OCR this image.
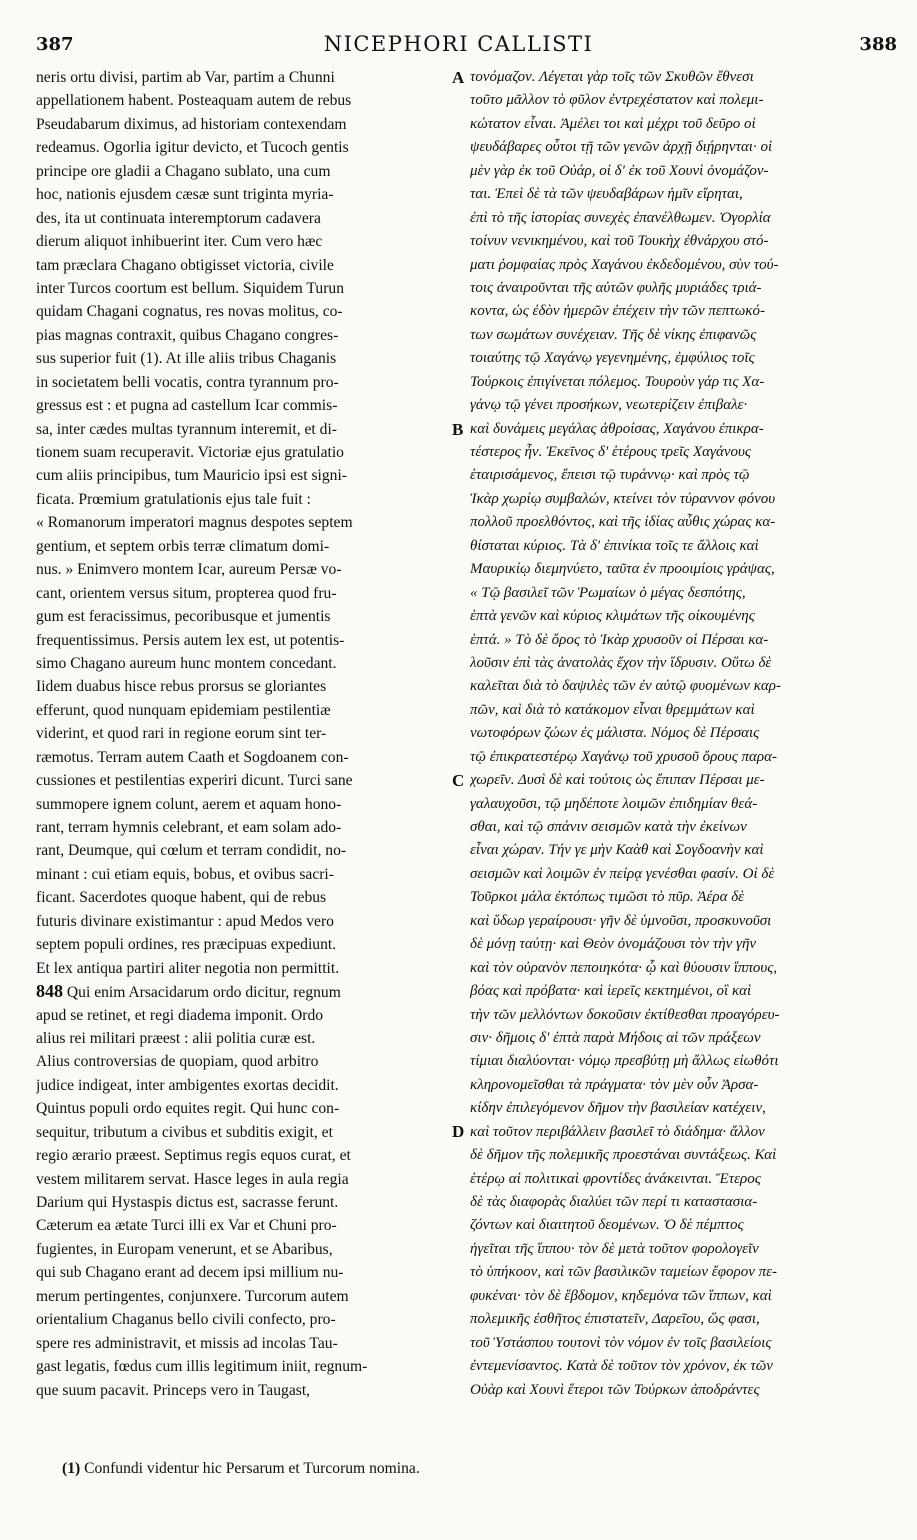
387	NICEPHORI CALLISTI	388
neris ortu divisi, partim ab Var, partim a Chunni
appellationem habent. Posteaquam autem de rebus
Pseudabarum diximus, ad historiam contexendam
redeamus. Ogorlia igitur devicto, et Tucoch gentis
principe ore gladii a Chagano sublato, una cum
hoc, nationis ejusdem cæsæ sunt triginta myria-
des, ita ut continuata interemptorum cadavera
dierum aliquot inhibuerint iter. Cum vero hæc
tam præclara Chagano obtigisset victoria, civile
inter Turcos coortum est bellum. Siquidem Turun
quidam Chagani cognatus, res novas molitus, co-
pias magnas contraxit, quibus Chagano congres-
sus superior fuit (1). At ille aliis tribus Chaganis
in societatem belli vocatis, contra tyrannum pro-
gressus est : et pugna ad castellum Icar commis-
sa, inter cædes multas tyrannum interemit, et di-
tionem suam recuperavit. Victoriæ ejus gratulatio
cum aliis principibus, tum Mauricio ipsi est signi-
ficata. Prœmium gratulationis ejus tale fuit :
« Romanorum imperatori magnus despotes septem
gentium, et septem orbis terræ climatum domi-
nus. » Enimvero montem Icar, aureum Persæ vo-
cant, orientem versus situm, propterea quod fru-
gum est feracissimus, pecoribusque et jumentis
frequentissimus. Persis autem lex est, ut potentis-
simo Chagano aureum hunc montem concedant.
Iidem duabus hisce rebus prorsus se gloriantes
efferunt, quod nunquam epidemiam pestilentiæ
viderint, et quod rari in regione eorum sint ter-
ræmotus. Terram autem Caath et Sogdoanem con-
cussiones et pestilentias experiri dicunt. Turci sane
summopere ignem colunt, aerem et aquam hono-
rant, terram hymnis celebrant, et eam solam ado-
rant, Deumque, qui cœlum et terram condidit, no-
minant : cui etiam equis, bobus, et ovibus sacri-
ficant. Sacerdotes quoque habent, qui de rebus
futuris divinare existimantur : apud Medos vero
septem populi ordines, res præcipuas expediunt.
Et lex antiqua partiri aliter negotia non permittit.
848 Qui enim Arsacidarum ordo dicitur, regnum
apud se retinet, et regi diadema imponit. Ordo
alius rei militari præest : alii politia curæ est.
Alius controversias de quopiam, quod arbitro
judice indigeat, inter ambigentes exortas decidit.
Quintus populi ordo equites regit. Qui hunc con-
sequitur, tributum a civibus et subditis exigit, et
regio ærario præest. Septimus regis equos curat, et
vestem militarem servat. Hasce leges in aula regia
Darium qui Hystaspis dictus est, sacrasse ferunt.
Cæterum ea ætate Turci illi ex Var et Chuni pro-
fugientes, in Europam venerunt, et se Abaribus,
qui sub Chagano erant ad decem ipsi millium nu-
merum pertingentes, conjunxere. Turcorum autem
orientalium Chaganus bello civili confecto, pro-
spere res administravit, et missis ad incolas Tau-
gast legatis, fœdus cum illis legitimum iniit, regnum-
que suum pacavit. Princeps vero in Taugast,
τονόμαζον. Λέγεται γὰρ τοῖς τῶν Σκυθῶν ἔθνεσι
τοῦτο μᾶλλον τὸ φῦλον ἐντρεχέστατον καὶ πολεμι-
κώτατον εἶναι. Ἀμέλει τοι καὶ μέχρι τοῦ δεῦρο οἱ
ψευδάβαρες οὗτοι τῇ τῶν γενῶν ἀρχῇ διῄρηνται· οἱ
μὲν γὰρ ἐκ τοῦ Οὐάρ, οἱ δ' ἐκ τοῦ Χουνὶ ὀνομάζον-
ται. Ἐπεὶ δὲ τὰ τῶν ψευδαβάρων ἡμῖν εἴρηται,
ἐπὶ τὸ τῆς ἱστορίας συνεχὲς ἐπανέλθωμεν. Ὀγορλία
τοίνυν νενικημένου, καὶ τοῦ Τουκὴχ ἐθνάρχου στό-
ματι ῥομφαίας πρὸς Χαγάνου ἐκδεδομένου, σὺν τού-
τοις ἀναιροῦνται τῆς αὐτῶν φυλῆς μυριάδες τριά-
κοντα, ὡς ἐδὸν ἡμερῶν ἐπέχειν τὴν τῶν πεπτωκό-
των σωμάτων συνέχειαν. Τῆς δὲ νίκης ἐπιφανῶς
τοιαύτης τῷ Χαγάνῳ γεγενημένης, ἐμφύλιος τοῖς
Τούρκοις ἐπιγίνεται πόλεμος. Τουροὺν γάρ τις Χα-
γάνῳ τῷ γένει προσήκων, νεωτερίζειν ἐπιβαλε·
καὶ δυνάμεις μεγάλας ἀθροίσας, Χαγάνου ἐπικρα-
τέστερος ἦν. Ἐκεῖνος δ' ἑτέρους τρεῖς Χαγάνους
ἑταιρισάμενος, ἔπεισι τῷ τυράννῳ· καὶ πρὸς τῷ
Ἰκὰρ χωρίῳ συμβαλών, κτείνει τὸν τύραννον φόνου
πολλοῦ προελθόντος, καὶ τῆς ἰδίας αὖθις χώρας κα-
θίσταται κύριος. Τὰ δ' ἐπινίκια τοῖς τε ἄλλοις καὶ
Μαυρικίῳ διεμηνύετο, ταῦτα ἐν προοιμίοις γράψας,
« Τῷ βασιλεῖ τῶν Ῥωμαίων ὁ μέγας δεσπότης,
ἑπτὰ γενῶν καὶ κύριος κλιμάτων τῆς οἰκουμένης
ἑπτά. » Τὸ δὲ ὄρος τὸ Ἰκὰρ χρυσοῦν οἱ Πέρσαι κα-
λοῦσιν ἐπὶ τὰς ἀνατολὰς ἔχον τὴν ἵδρυσιν. Οὕτω δὲ
καλεῖται διὰ τὸ δαψιλὲς τῶν ἐν αὐτῷ φυομένων καρ-
πῶν, καὶ διὰ τὸ κατάκομον εἶναι θρεμμάτων καὶ
νωτοφόρων ζώων ἐς μάλιστα. Νόμος δὲ Πέρσαις
τῷ ἐπικρατεστέρῳ Χαγάνῳ τοῦ χρυσοῦ ὄρους παρα-
χωρεῖν. Δυσὶ δὲ καὶ τούτοις ὡς ἔπιπαν Πέρσαι με-
γαλαυχοῦσι, τῷ μηδέποτε λοιμῶν ἐπιδημίαν θεά-
σθαι, καὶ τῷ σπάνιν σεισμῶν κατὰ τὴν ἐκείνων
εἶναι χώραν. Τήν γε μὴν Καὰθ καὶ Σογδοανὴν καὶ
σεισμῶν καὶ λοιμῶν ἐν πείρᾳ γενέσθαι φασίν. Οἱ δὲ
Τοῦρκοι μάλα ἐκτόπως τιμῶσι τὸ πῦρ. Ἀέρα δὲ
καὶ ὕδωρ γεραίρουσι· γῆν δὲ ὑμνοῦσι, προσκυνοῦσι
δὲ μόνῃ ταύτῃ· καὶ Θεὸν ὀνομάζουσι τὸν τὴν γῆν
καὶ τὸν οὐρανὸν πεποιηκότα· ᾧ καὶ θύουσιν ἵππους,
βόας καὶ πρόβατα· καὶ ἱερεῖς κεκτημένοι, οἳ καὶ
τὴν τῶν μελλόντων δοκοῦσιν ἐκτίθεσθαι προαγόρευ-
σιν· δῆμοις δ' ἑπτὰ παρὰ Μήδοις αἱ τῶν πράξεων
τίμιαι διαλύονται· νόμῳ πρεσβύτῃ μὴ ἄλλως εἰωθότι
κληρονομεῖσθαι τὰ πράγματα· τὸν μὲν οὖν Ἀρσα-
κίδην ἐπιλεγόμενον δῆμον τὴν βασιλείαν κατέχειν,
καὶ τοῦτον περιβάλλειν βασιλεῖ τὸ διάδημα· ἄλλον
δὲ δῆμον τῆς πολεμικῆς προεστάναι συντάξεως. Καὶ
ἑτέρῳ αἱ πολιτικαὶ φροντίδες ἀνάκεινται. Ἕτερος
δὲ τὰς διαφορὰς διαλύει τῶν περί τι καταστασια-
ζόντων καὶ διαιτητοῦ δεομένων. Ὁ δὲ πέμπτος
ἡγεῖται τῆς ἵππου· τὸν δὲ μετὰ τοῦτον φορολογεῖν
τὸ ὑπήκοον, καὶ τῶν βασιλικῶν ταμείων ἔφορον πε-
φυκέναι· τὸν δὲ ἕβδομον, κηδεμόνα τῶν ἵππων, καὶ
πολεμικῆς ἐσθῆτος ἐπιστατεῖν, Δαρεῖου, ὥς φασι,
τοῦ Ὑστάσπου τουτονὶ τὸν νόμον ἐν τοῖς βασιλείοις
ἐντεμενίσαντος. Κατὰ δὲ τοῦτον τὸν χρόνον, ἐκ τῶν
Οὐὰρ καὶ Χουνὶ ἕτεροι τῶν Τούρκων ἀποδράντες
A
B
C
D
(1) Confundi videntur hic Persarum et Turcorum nomina.
